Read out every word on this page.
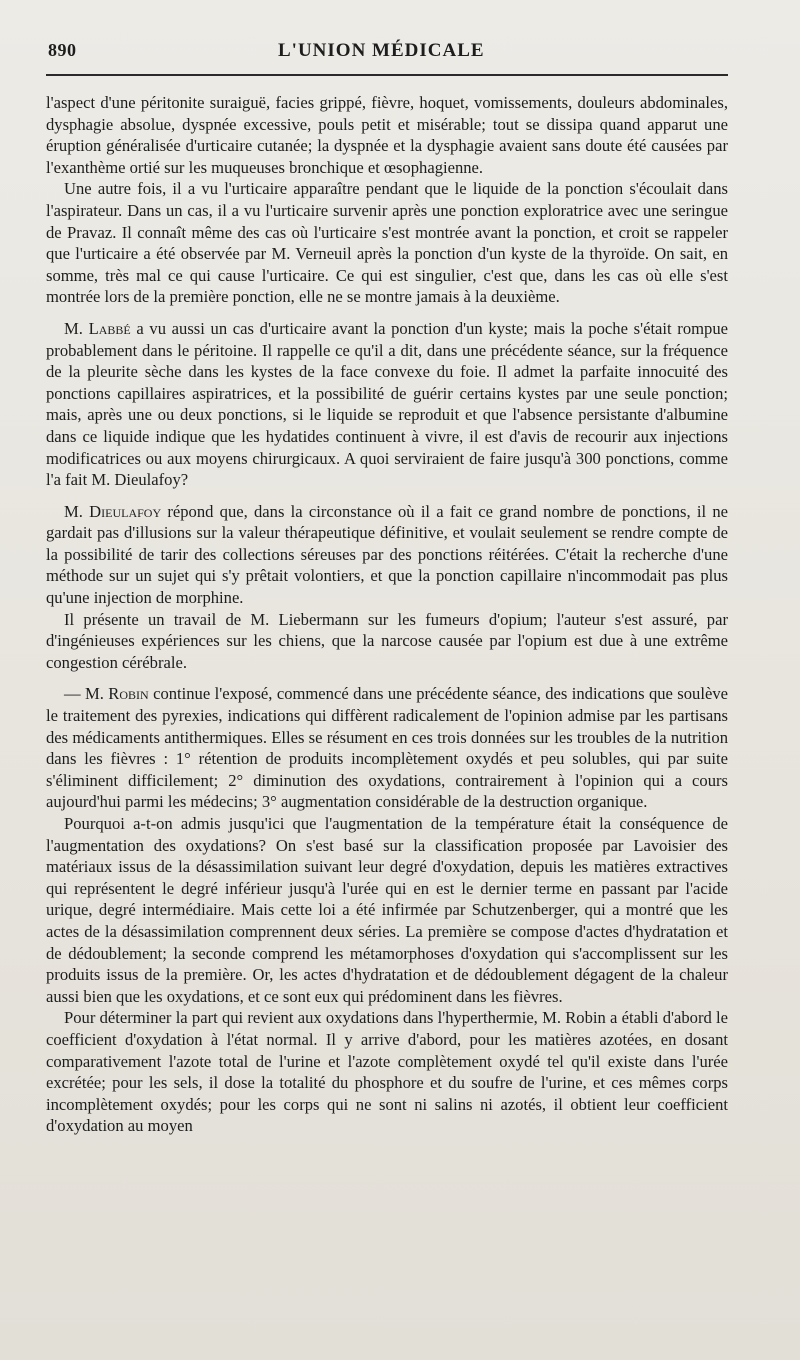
890	L'UNION MÉDICALE

l'aspect d'une péritonite suraiguë, facies grippé, fièvre, hoquet, vomissements, douleurs abdominales, dysphagie absolue, dyspnée excessive, pouls petit et misérable; tout se dissipa quand apparut une éruption généralisée d'urticaire cutanée; la dyspnée et la dysphagie avaient sans doute été causées par l'exanthème ortié sur les muqueuses bronchique et œsophagienne.

Une autre fois, il a vu l'urticaire apparaître pendant que le liquide de la ponction s'écoulait dans l'aspirateur. Dans un cas, il a vu l'urticaire survenir après une ponction exploratrice avec une seringue de Pravaz. Il connaît même des cas où l'urticaire s'est montrée avant la ponction, et croit se rappeler que l'urticaire a été observée par M. Verneuil après la ponction d'un kyste de la thyroïde. On sait, en somme, très mal ce qui cause l'urticaire. Ce qui est singulier, c'est que, dans les cas où elle s'est montrée lors de la première ponction, elle ne se montre jamais à la deuxième.

M. Labbé a vu aussi un cas d'urticaire avant la ponction d'un kyste; mais la poche s'était rompue probablement dans le péritoine. Il rappelle ce qu'il a dit, dans une précédente séance, sur la fréquence de la pleurite sèche dans les kystes de la face convexe du foie. Il admet la parfaite innocuité des ponctions capillaires aspiratrices, et la possibilité de guérir certains kystes par une seule ponction; mais, après une ou deux ponctions, si le liquide se reproduit et que l'absence persistante d'albumine dans ce liquide indique que les hydatides continuent à vivre, il est d'avis de recourir aux injections modificatrices ou aux moyens chirurgicaux. A quoi serviraient de faire jusqu'à 300 ponctions, comme l'a fait M. Dieulafoy?

M. Dieulafoy répond que, dans la circonstance où il a fait ce grand nombre de ponctions, il ne gardait pas d'illusions sur la valeur thérapeutique définitive, et voulait seulement se rendre compte de la possibilité de tarir des collections séreuses par des ponctions réitérées. C'était la recherche d'une méthode sur un sujet qui s'y prêtait volontiers, et que la ponction capillaire n'incommodait pas plus qu'une injection de morphine.

Il présente un travail de M. Liebermann sur les fumeurs d'opium; l'auteur s'est assuré, par d'ingénieuses expériences sur les chiens, que la narcose causée par l'opium est due à une extrême congestion cérébrale.

— M. Robin continue l'exposé, commencé dans une précédente séance, des indications que soulève le traitement des pyrexies, indications qui diffèrent radicalement de l'opinion admise par les partisans des médicaments antithermiques. Elles se résument en ces trois données sur les troubles de la nutrition dans les fièvres : 1° rétention de produits incomplètement oxydés et peu solubles, qui par suite s'éliminent difficilement; 2° diminution des oxydations, contrairement à l'opinion qui a cours aujourd'hui parmi les médecins; 3° augmentation considérable de la destruction organique.

Pourquoi a-t-on admis jusqu'ici que l'augmentation de la température était la conséquence de l'augmentation des oxydations? On s'est basé sur la classification proposée par Lavoisier des matériaux issus de la désassimilation suivant leur degré d'oxydation, depuis les matières extractives qui représentent le degré inférieur jusqu'à l'urée qui en est le dernier terme en passant par l'acide urique, degré intermédiaire. Mais cette loi a été infirmée par Schutzenberger, qui a montré que les actes de la désassimilation comprennent deux séries. La première se compose d'actes d'hydratation et de dédoublement; la seconde comprend les métamorphoses d'oxydation qui s'accomplissent sur les produits issus de la première. Or, les actes d'hydratation et de dédoublement dégagent de la chaleur aussi bien que les oxydations, et ce sont eux qui prédominent dans les fièvres.

Pour déterminer la part qui revient aux oxydations dans l'hyperthermie, M. Robin a établi d'abord le coefficient d'oxydation à l'état normal. Il y arrive d'abord, pour les matières azotées, en dosant comparativement l'azote total de l'urine et l'azote complètement oxydé tel qu'il existe dans l'urée excrétée; pour les sels, il dose la totalité du phosphore et du soufre de l'urine, et ces mêmes corps incomplètement oxydés; pour les corps qui ne sont ni salins ni azotés, il obtient leur coefficient d'oxydation au moyen
